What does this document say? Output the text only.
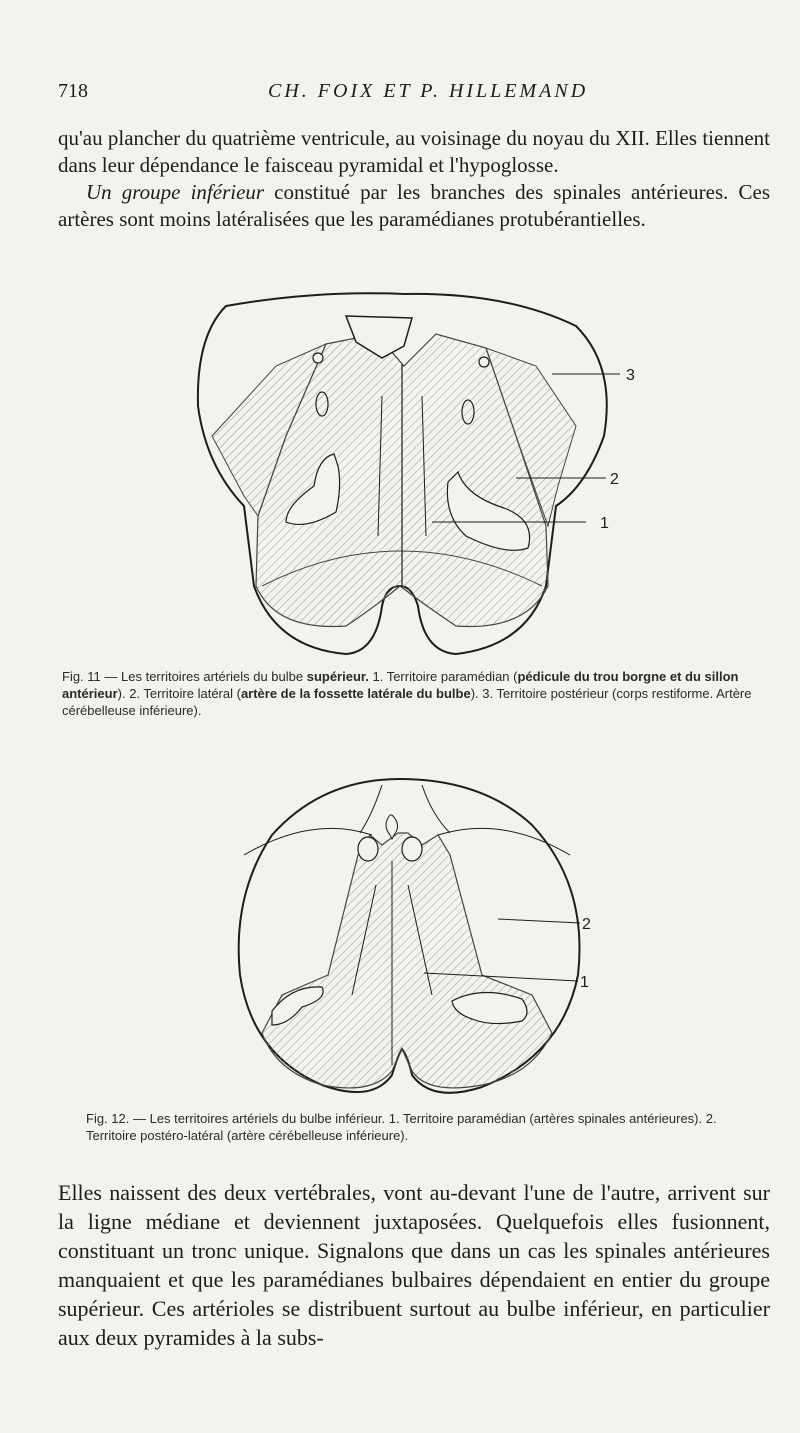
718	CH. FOIX ET P. HILLEMAND

qu'au plancher du quatrième ventricule, au voisinage du noyau du XII. Elles tiennent dans leur dépendance le faisceau pyramidal et l'hypoglosse.

Un groupe inférieur constitué par les branches des spinales antérieures. Ces artères sont moins latéralisées que les paramédianes protubérantielles.

3
2
1
Fig. 11 — Les territoires artériels du bulbe supérieur. 1. Territoire paramédian (pédicule du trou borgne et du sillon antérieur). 2. Territoire latéral (artère de la fossette latérale du bulbe). 3. Territoire postérieur (corps restiforme. Artère cérébelleuse inférieure).
2
1
Fig. 12. — Les territoires artériels du bulbe inférieur. 1. Territoire paramédian (artères spinales antérieures). 2. Territoire postéro-latéral (artère cérébelleuse inférieure).

Elles naissent des deux vertébrales, vont au-devant l'une de l'autre, arrivent sur la ligne médiane et deviennent juxtaposées. Quelquefois elles fusionnent, constituant un tronc unique. Signalons que dans un cas les spinales antérieures manquaient et que les paramédianes bulbaires dépendaient en entier du groupe supérieur. Ces artérioles se distribuent surtout au bulbe inférieur, en particulier aux deux pyramides à la subs-
